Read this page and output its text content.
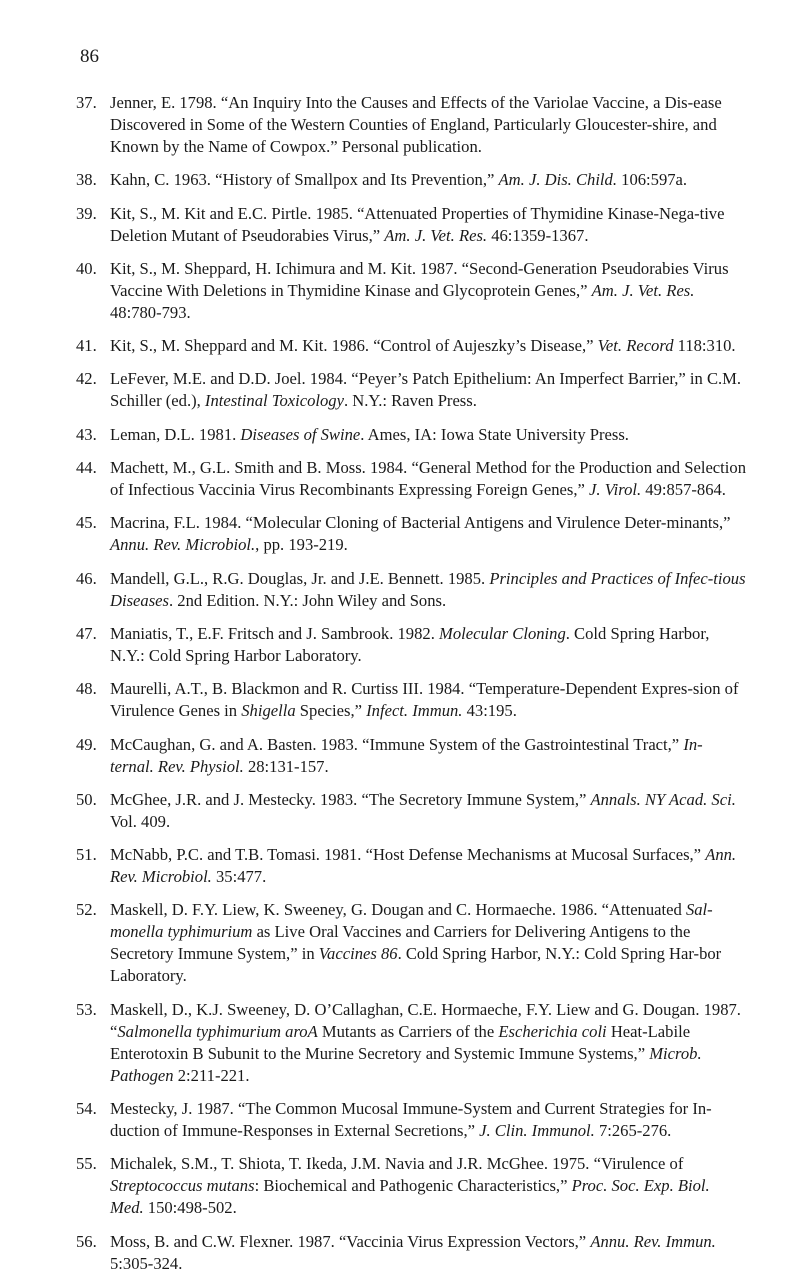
86
37. Jenner, E. 1798. “An Inquiry Into the Causes and Effects of the Variolae Vaccine, a Dis-ease Discovered in Some of the Western Counties of England, Particularly Gloucester-shire, and Known by the Name of Cowpox.” Personal publication.
38. Kahn, C. 1963. “History of Smallpox and Its Prevention,” Am. J. Dis. Child. 106:597a.
39. Kit, S., M. Kit and E.C. Pirtle. 1985. “Attenuated Properties of Thymidine Kinase-Nega-tive Deletion Mutant of Pseudorabies Virus,” Am. J. Vet. Res. 46:1359-1367.
40. Kit, S., M. Sheppard, H. Ichimura and M. Kit. 1987. “Second-Generation Pseudorabies Virus Vaccine With Deletions in Thymidine Kinase and Glycoprotein Genes,” Am. J. Vet. Res. 48:780-793.
41. Kit, S., M. Sheppard and M. Kit. 1986. “Control of Aujeszky’s Disease,” Vet. Record 118:310.
42. LeFever, M.E. and D.D. Joel. 1984. “Peyer’s Patch Epithelium: An Imperfect Barrier,” in C.M. Schiller (ed.), Intestinal Toxicology. N.Y.: Raven Press.
43. Leman, D.L. 1981. Diseases of Swine. Ames, IA: Iowa State University Press.
44. Machett, M., G.L. Smith and B. Moss. 1984. “General Method for the Production and Selection of Infectious Vaccinia Virus Recombinants Expressing Foreign Genes,” J. Virol. 49:857-864.
45. Macrina, F.L. 1984. “Molecular Cloning of Bacterial Antigens and Virulence Deter-minants,” Annu. Rev. Microbiol., pp. 193-219.
46. Mandell, G.L., R.G. Douglas, Jr. and J.E. Bennett. 1985. Principles and Practices of Infec-tious Diseases. 2nd Edition. N.Y.: John Wiley and Sons.
47. Maniatis, T., E.F. Fritsch and J. Sambrook. 1982. Molecular Cloning. Cold Spring Harbor, N.Y.: Cold Spring Harbor Laboratory.
48. Maurelli, A.T., B. Blackmon and R. Curtiss III. 1984. “Temperature-Dependent Expres-sion of Virulence Genes in Shigella Species,” Infect. Immun. 43:195.
49. McCaughan, G. and A. Basten. 1983. “Immune System of the Gastrointestinal Tract,” In-ternal. Rev. Physiol. 28:131-157.
50. McGhee, J.R. and J. Mestecky. 1983. “The Secretory Immune System,” Annals. NY Acad. Sci. Vol. 409.
51. McNabb, P.C. and T.B. Tomasi. 1981. “Host Defense Mechanisms at Mucosal Surfaces,” Ann. Rev. Microbiol. 35:477.
52. Maskell, D. F.Y. Liew, K. Sweeney, G. Dougan and C. Hormaeche. 1986. “Attenuated Sal-monella typhimurium as Live Oral Vaccines and Carriers for Delivering Antigens to the Secretory Immune System,” in Vaccines 86. Cold Spring Harbor, N.Y.: Cold Spring Har-bor Laboratory.
53. Maskell, D., K.J. Sweeney, D. O’Callaghan, C.E. Hormaeche, F.Y. Liew and G. Dougan. 1987. “Salmonella typhimurium aroA Mutants as Carriers of the Escherichia coli Heat-Labile Enterotoxin B Subunit to the Murine Secretory and Systemic Immune Systems,” Microb. Pathogen 2:211-221.
54. Mestecky, J. 1987. “The Common Mucosal Immune-System and Current Strategies for In-duction of Immune-Responses in External Secretions,” J. Clin. Immunol. 7:265-276.
55. Michalek, S.M., T. Shiota, T. Ikeda, J.M. Navia and J.R. McGhee. 1975. “Virulence of Streptococcus mutans: Biochemical and Pathogenic Characteristics,” Proc. Soc. Exp. Biol. Med. 150:498-502.
56. Moss, B. and C.W. Flexner. 1987. “Vaccinia Virus Expression Vectors,” Annu. Rev. Immun. 5:305-324.
